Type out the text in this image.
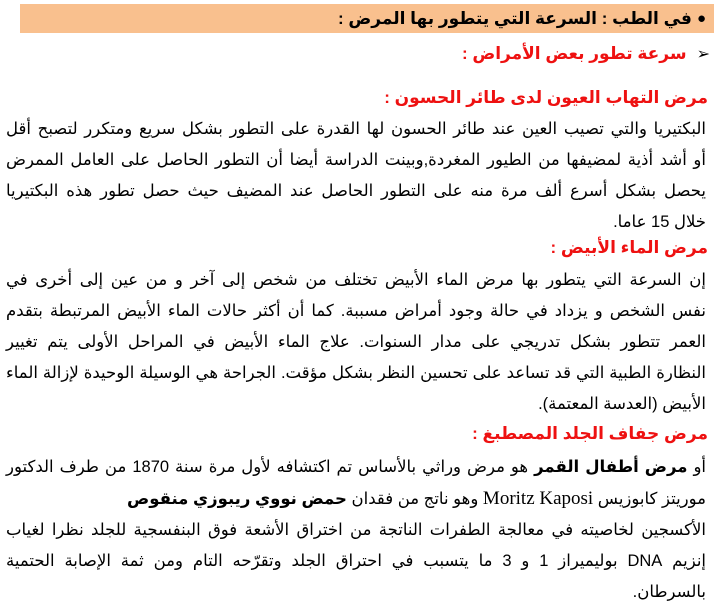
●
في الطب : السرعة التي يتطور بها المرض :
➢
سرعة تطور بعض الأمراض :
مرض التهاب العيون لدى طائر الحسون :
البكتيريا والتي تصيب العين عند طائر الحسون لها القدرة على التطور بشكل سريع ومتكرر لتصبح أقل
أو أشد أذية لمضيفها من الطيور المغردة,وبينت الدراسة أيضا أن التطور الحاصل على العامل الممرض
يحصل بشكل أسرع ألف مرة منه على التطور الحاصل عند المضيف حيث حصل تطور هذه البكتيريا
خلال 15 عاما.
مرض الماء الأبيض :
إن السرعة التي يتطور بها مرض الماء الأبيض تختلف من شخص إلى آخر و من عين إلى أخرى في
نفس الشخص و يزداد في حالة وجود أمراض مسببة. كما أن أكثر حالات الماء الأبيض المرتبطة بتقدم
العمر تتطور بشكل تدريجي على مدار السنوات. علاج الماء الأبيض في المراحل الأولى يتم تغيير
النظارة الطبية التي قد تساعد على تحسين النظر بشكل مؤقت. الجراحة هي الوسيلة الوحيدة لإزالة الماء
الأبيض (العدسة المعتمة).
مرض جفاف الجلد المصطبغ :
أو مرض أطفال القمر هو مرض وراثي بالأساس تم اكتشافه لأول مرة سنة 1870 من طرف الدكتور
موريتز كابوزيس Moritz Kaposi وهو ناتج من فقدان حمض نووي ريبوزي منقوص
الأكسجين لخاصيته في معالجة الطفرات الناتجة من اختراق الأشعة فوق البنفسجية للجلد نظرا لغياب
إنزيم DNA بوليميراز 1 و 3 ما يتسبب في احتراق الجلد وتقرّحه التام ومن ثمة الإصابة الحتمية
بالسرطان.
